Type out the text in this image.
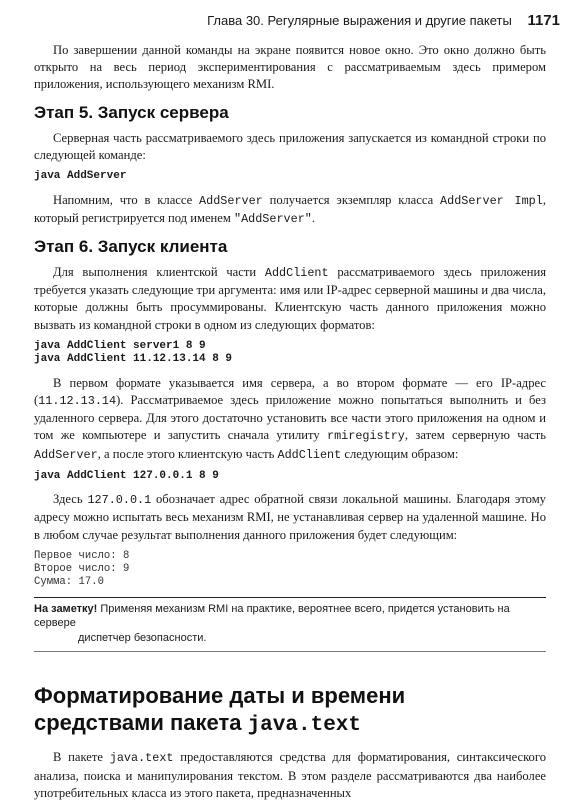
Глава 30. Регулярные выражения и другие пакеты 1171

По завершении данной команды на экране появится новое окно. Это окно должно быть открыто на весь период экспериментирования с рассматриваемым здесь примером приложения, использующего механизм RMI.

Этап 5. Запуск сервера

Серверная часть рассматриваемого здесь приложения запускается из командной строки по следующей команде:

java AddServer

Напомним, что в классе AddServer получается экземпляр класса AddServer Impl, который регистрируется под именем "AddServer".

Этап 6. Запуск клиента

Для выполнения клиентской части AddClient рассматриваемого здесь приложения требуется указать следующие три аргумента: имя или IP-адрес серверной машины и два числа, которые должны быть просуммированы. Клиентскую часть данного приложения можно вызвать из командной строки в одном из следующих форматов:

java AddClient server1 8 9
java AddClient 11.12.13.14 8 9

В первом формате указывается имя сервера, а во втором формате — его IP-адрес (11.12.13.14). Рассматриваемое здесь приложение можно попытаться выполнить и без удаленного сервера. Для этого достаточно установить все части этого приложения на одном и том же компьютере и запустить сначала утилиту rmiregistry, затем серверную часть AddServer, а после этого клиентскую часть AddClient следующим образом:

java AddClient 127.0.0.1 8 9

Здесь 127.0.0.1 обозначает адрес обратной связи локальной машины. Благодаря этому адресу можно испытать весь механизм RMI, не устанавливая сервер на удаленной машине. Но в любом случае результат выполнения данного приложения будет следующим:

Первое число: 8
Второе число: 9
Сумма: 17.0
На заметку! Применяя механизм RMI на практике, вероятнее всего, придется установить на сервере
диспетчер безопасности.
Форматирование даты и времени
средствами пакета java.text

В пакете java.text предоставляются средства для форматирования, синтаксического анализа, поиска и манипулирования текстом. В этом разделе рассматриваются два наиболее употребительных класса из этого пакета, предназначенных
